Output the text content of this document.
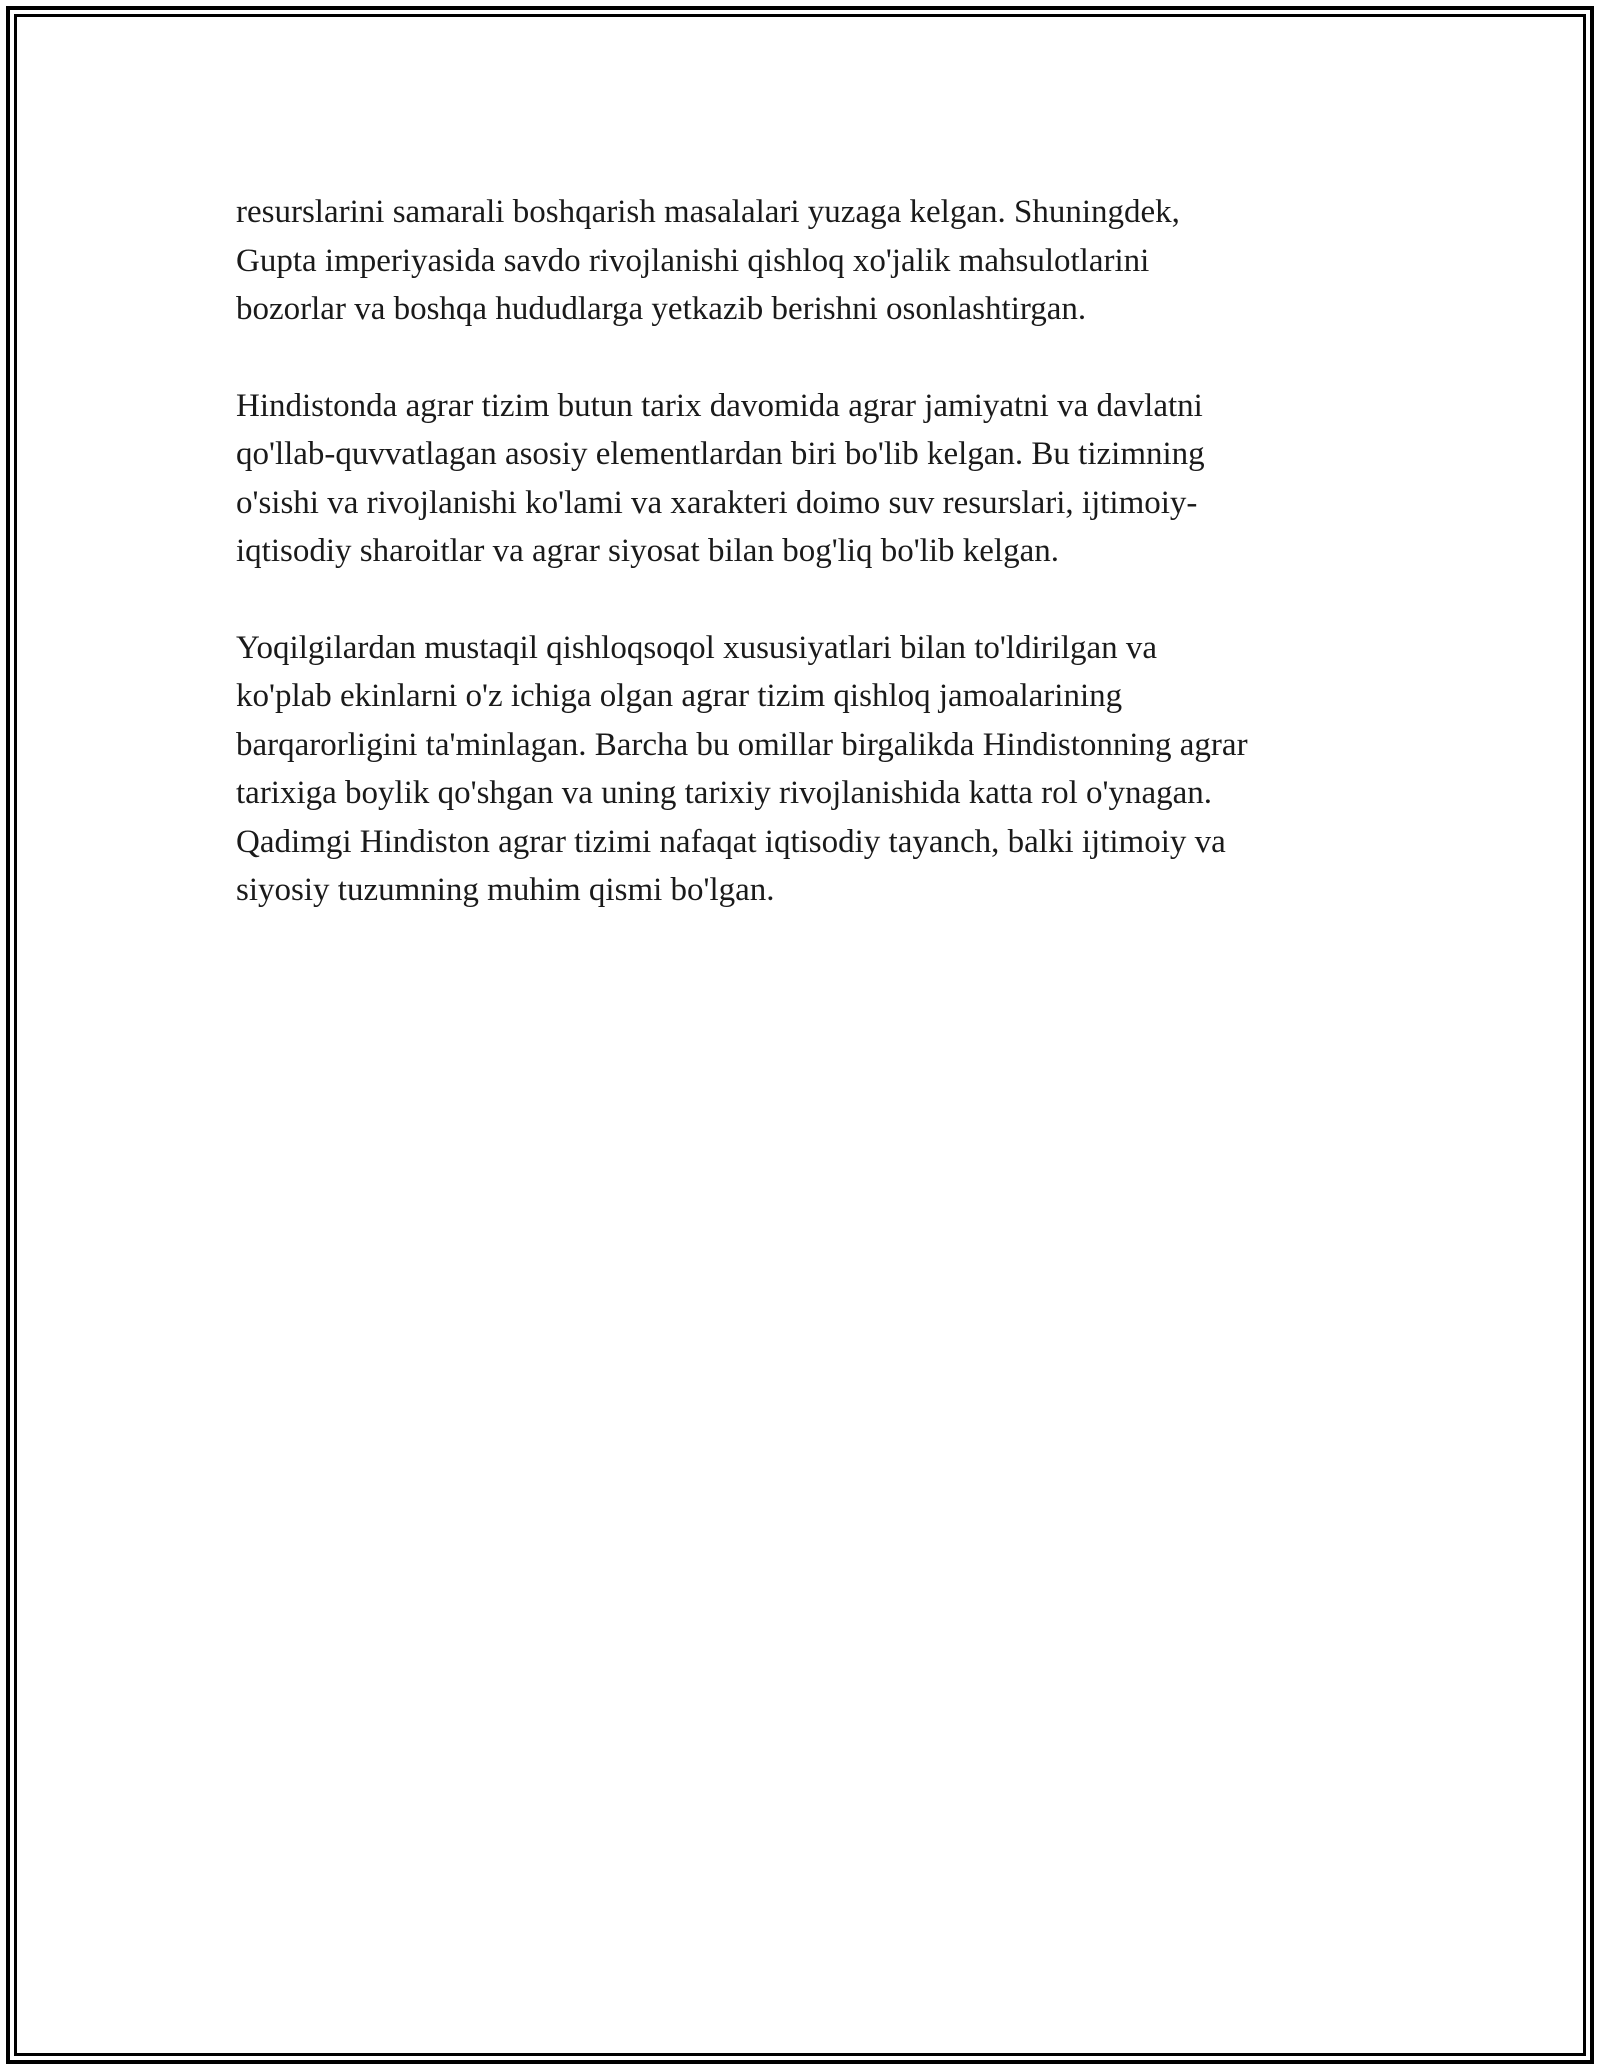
resurslarini samarali boshqarish masalalari yuzaga kelgan. Shuningdek,
Gupta imperiyasida savdo rivojlanishi qishloq xo'jalik mahsulotlarini
bozorlar va boshqa hududlarga yetkazib berishni osonlashtirgan.

Hindistonda agrar tizim butun tarix davomida agrar jamiyatni va davlatni
qo'llab-quvvatlagan asosiy elementlardan biri bo'lib kelgan. Bu tizimning
o'sishi va rivojlanishi ko'lami va xarakteri doimo suv resurslari, ijtimoiy-
iqtisodiy sharoitlar va agrar siyosat bilan bog'liq bo'lib kelgan.

Yoqilgilardan mustaqil qishloqsoqol xususiyatlari bilan to'ldirilgan va
ko'plab ekinlarni o'z ichiga olgan agrar tizim qishloq jamoalarining
barqarorligini ta'minlagan. Barcha bu omillar birgalikda Hindistonning agrar
tarixiga boylik qo'shgan va uning tarixiy rivojlanishida katta rol o'ynagan.
Qadimgi Hindiston agrar tizimi nafaqat iqtisodiy tayanch, balki ijtimoiy va
siyosiy tuzumning muhim qismi bo'lgan.
